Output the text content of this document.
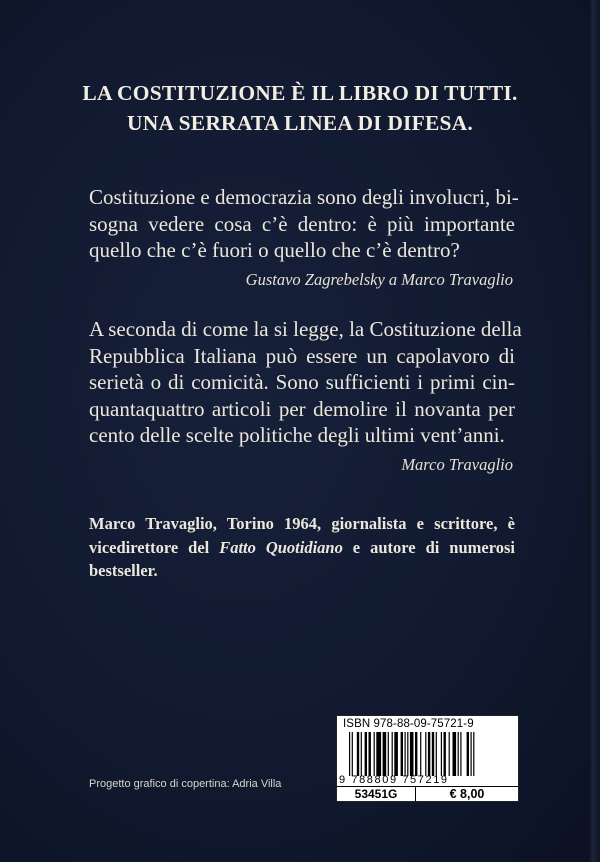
LA COSTITUZIONE È IL LIBRO DI TUTTI.
UNA SERRATA LINEA DI DIFESA.
Costituzione e democrazia sono degli involucri, bi-
sogna vedere cosa c’è dentro: è più importante
quello che c’è fuori o quello che c’è dentro?
Gustavo Zagrebelsky a Marco Travaglio
A seconda di come la si legge, la Costituzione della
Repubblica Italiana può essere un capolavoro di
serietà o di comicità. Sono sufficienti i primi cin-
quantaquattro articoli per demolire il novanta per
cento delle scelte politiche degli ultimi vent’anni.
Marco Travaglio
Marco Travaglio, Torino 1964, giornalista e scrittore, è
vicedirettore del Fatto Quotidiano e autore di numerosi
bestseller.
Progetto grafico di copertina: Adria Villa
ISBN 978-88-09-75721-9
9 788809 757219
53451G	€ 8,00
